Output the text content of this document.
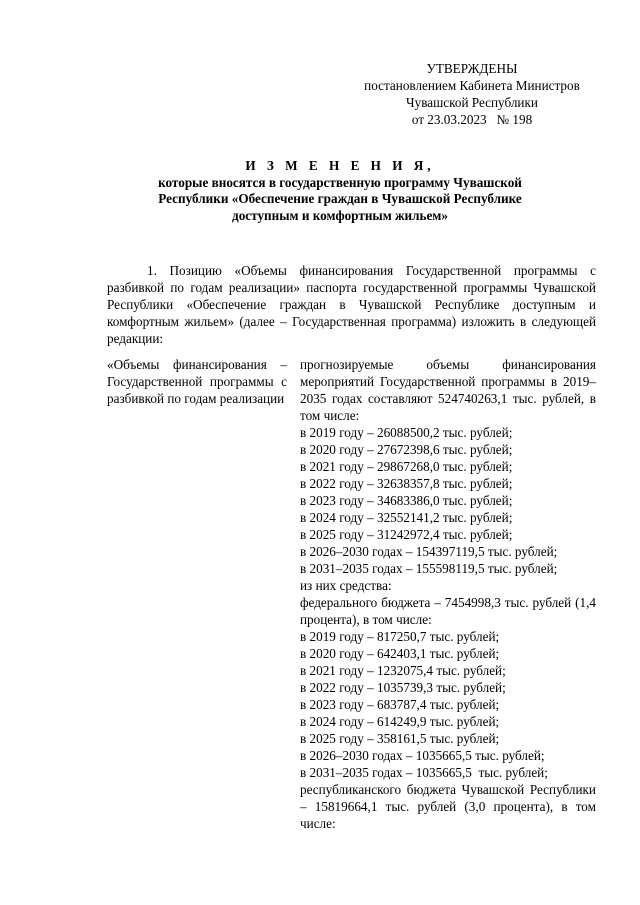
УТВЕРЖДЕНЫ
постановлением Кабинета Министров
Чувашской Республики
от 23.03.2023   № 198
И З М Е Н Е Н И Я,
которые вносятся в государственную программу Чувашской
Республики «Обеспечение граждан в Чувашской Республике
доступным и комфортным жильем»
1. Позицию «Объемы финансирования Государственной программы с разбивкой по годам реализации» паспорта государственной программы Чувашской Республики «Обеспечение граждан в Чувашской Республике доступным и комфортным жильем» (далее – Государственная программа) изложить в следующей редакции:
«Объемы финансирования – Государственной программы с разбивкой по годам реализации
прогнозируемые объемы финансирования мероприятий Государственной программы в 2019–2035 годах составляют 524740263,1 тыс. рублей, в том числе:
в 2019 году – 26088500,2 тыс. рублей;
в 2020 году – 27672398,6 тыс. рублей;
в 2021 году – 29867268,0 тыс. рублей;
в 2022 году – 32638357,8 тыс. рублей;
в 2023 году – 34683386,0 тыс. рублей;
в 2024 году – 32552141,2 тыс. рублей;
в 2025 году – 31242972,4 тыс. рублей;
в 2026–2030 годах – 154397119,5 тыс. рублей;
в 2031–2035 годах – 155598119,5 тыс. рублей;
из них средства:
федерального бюджета – 7454998,3 тыс. рублей (1,4 процента), в том числе:
в 2019 году – 817250,7 тыс. рублей;
в 2020 году – 642403,1 тыс. рублей;
в 2021 году – 1232075,4 тыс. рублей;
в 2022 году – 1035739,3 тыс. рублей;
в 2023 году – 683787,4 тыс. рублей;
в 2024 году – 614249,9 тыс. рублей;
в 2025 году – 358161,5 тыс. рублей;
в 2026–2030 годах – 1035665,5 тыс. рублей;
в 2031–2035 годах – 1035665,5  тыс. рублей;
республиканского бюджета Чувашской Республики – 15819664,1 тыс. рублей (3,0 процента), в том числе:
